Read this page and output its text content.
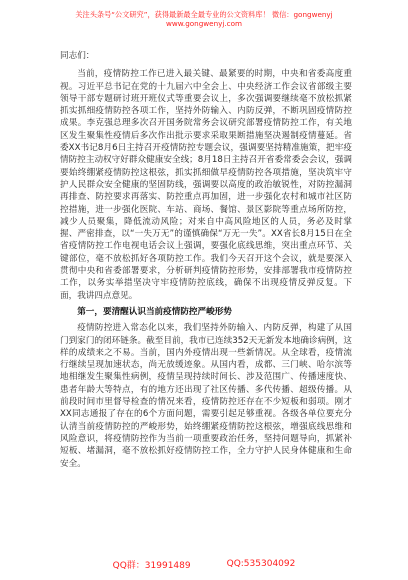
关注头条号“公文研究”，获得最新最全最专业的公文资料库！ 微信：gongwenyj
www.gongwenyj.com

同志们：

当前，疫情防控工作已进入最关键、最紧要的时期，中央和省委高度重视。习近平总书记在党的十九届六中全会上、中央经济工作会议省部级主要领导干部专题研讨班开班仪式等重要会议上，多次强调要继续毫不放松抓紧抓实抓细疫情防控各项工作，坚持外防输入、内防反弹，不断巩固疫情防控成果。李克强总理多次召开国务院常务会议研究部署疫情防控工作，有关地区发生聚集性疫情后多次作出批示要求采取果断措施坚决遏制疫情蔓延。省委XX书记8月6日主持召开疫情防控专题会议，强调要坚持精准施策，把牢疫情防控主动权守好群众健康安全线；8月18日主持召开省委常委会会议，强调要始终绷紧疫情防控这根弦，抓实抓细做早疫情防控各项措施，坚决筑牢守护人民群众安全健康的坚固防线，强调要以高度的政治敏锐性，对防控漏洞再排查、防控要求再落实、防控重点再加固，进一步强化农村和城市社区防控措施，进一步强化医院、车站、商场、餐馆、景区影院等重点场所防控，减少人员聚集，降低流动风险；对来自中高风险地区的人员，务必及时掌握、严密排查，以“一失万无”的谨慎确保“万无一失”。XX省长8月15日在全省疫情防控工作电视电话会议上强调，要强化底线思维，突出重点环节、关键部位，毫不放松抓好各项防控工作。我们今天召开这个会议，就是要深入贯彻中央和省委部署要求，分析研判疫情防控形势，安排部署我市疫情防控工作，以务实举措坚决守牢疫情防控底线，确保不出现疫情反弹反复。下面，我讲四点意见。

第一，要清醒认识当前疫情防控严峻形势

疫情防控进入常态化以来，我们坚持外防输入、内防反弹，构建了从国门到家门的闭环链条。截至目前，我市已连续352天无新发本地确诊病例，这样的成绩来之不易。当前，国内外疫情出现一些新情况。从全球看，疫情流行继续呈现加速状态，尚无放缓迹象。从国内看，成都、三门峡、哈尔滨等地相继发生聚集性病例，疫情呈现持续时间长、涉及范围广、传播速度快、患者年龄大等特点，有的地方还出现了社区传播、多代传播、超级传播。从前段时间市里督导检查的情况来看，疫情防控还存在不少短板和弱项。刚才XX同志通报了存在的6个方面问题，需要引起足够重视。各级各单位要充分认清当前疫情防控的严峻形势，始终绷紧疫情防控这根弦，增强底线思维和风险意识，将疫情防控作为当前一项重要政治任务，坚持问题导向，抓紧补短板、堵漏洞，毫不放松抓好疫情防控工作，全力守护人民身体健康和生命安全。

QQ群：31991489	QQ:535304092
